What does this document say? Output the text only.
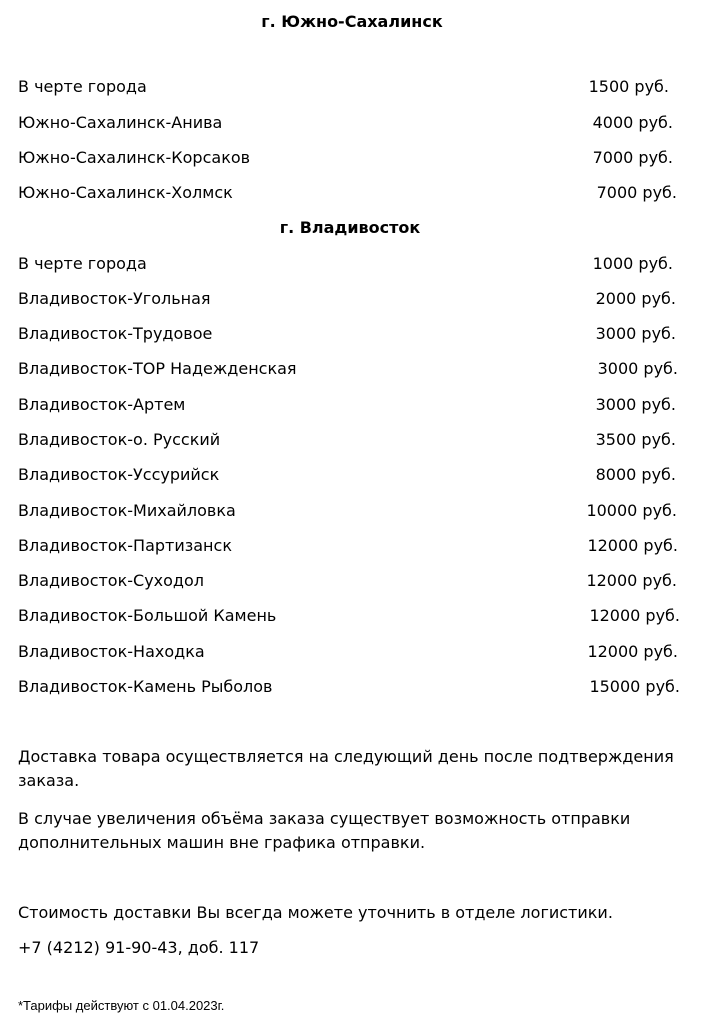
г. Южно-Сахалинск
В черте города	1500 руб.
Южно-Сахалинск-Анива	4000 руб.
Южно-Сахалинск-Корсаков	7000 руб.
Южно-Сахалинск-Холмск	7000 руб.
г. Владивосток
В черте города	1000 руб.
Владивосток-Угольная	2000 руб.
Владивосток-Трудовое	3000 руб.
Владивосток-ТОР Надежденская	3000 руб.
Владивосток-Артем	3000 руб.
Владивосток-о. Русский	3500 руб.
Владивосток-Уссурийск	8000 руб.
Владивосток-Михайловка	10000 руб.
Владивосток-Партизанск	12000 руб.
Владивосток-Суходол	12000 руб.
Владивосток-Большой Камень	12000 руб.
Владивосток-Находка	12000 руб.
Владивосток-Камень Рыболов	15000 руб.
Доставка товара осуществляется на следующий день после подтверждения
заказа.
В случае увеличения объёма заказа существует возможность отправки
дополнительных машин вне графика отправки.
Стоимость доставки Вы всегда можете уточнить в отделе логистики.
+7 (4212) 91-90-43, доб. 117
*Тарифы действуют с 01.04.2023г.
